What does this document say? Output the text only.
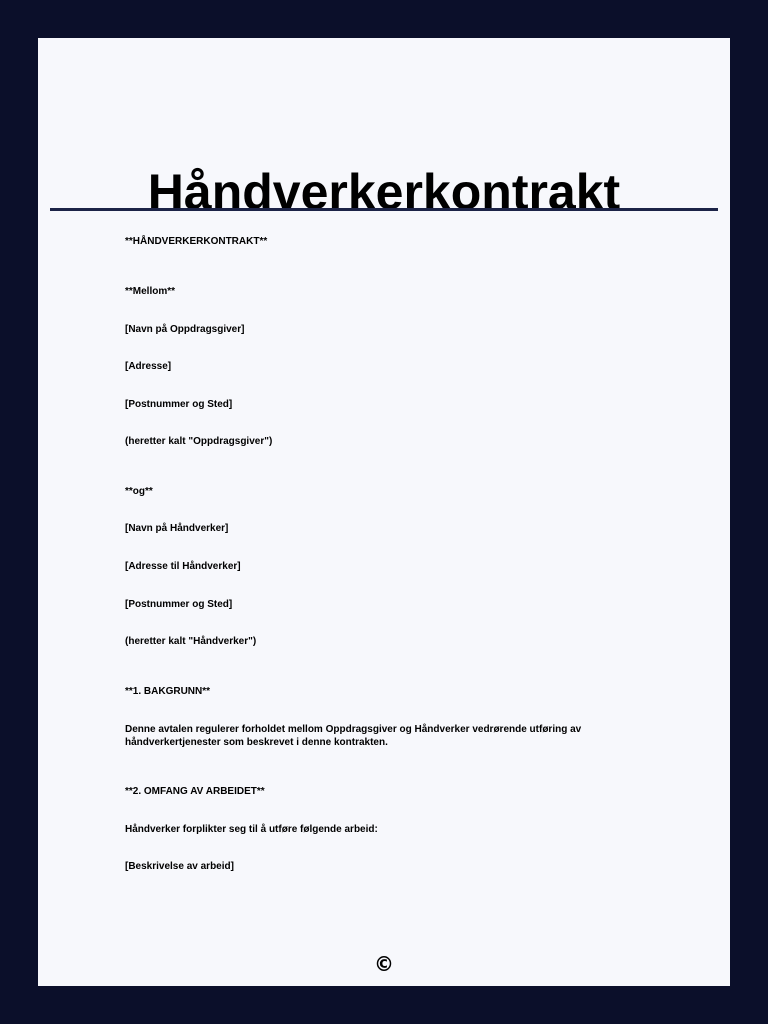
Håndverkerkontrakt

**HÅNDVERKERKONTRAKT**

**Mellom**

[Navn på Oppdragsgiver]

[Adresse]

[Postnummer og Sted]

(heretter kalt "Oppdragsgiver")

**og**

[Navn på Håndverker]

[Adresse til Håndverker]

[Postnummer og Sted]

(heretter kalt "Håndverker")

**1. BAKGRUNN**

Denne avtalen regulerer forholdet mellom Oppdragsgiver og Håndverker vedrørende utføring av håndverkertjenester som beskrevet i denne kontrakten.

**2. OMFANG AV ARBEIDET**

Håndverker forplikter seg til å utføre følgende arbeid:

[Beskrivelse av arbeid]

©
